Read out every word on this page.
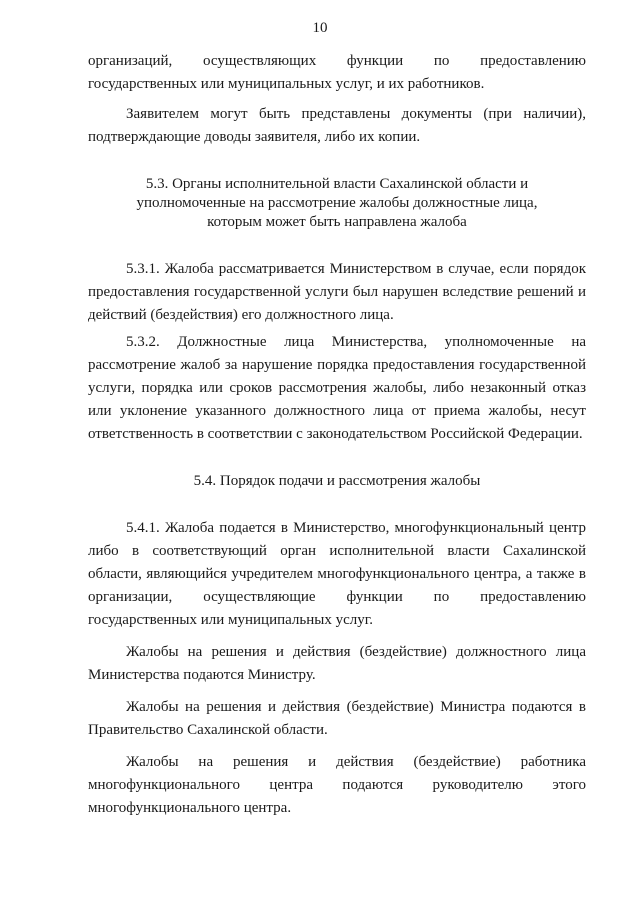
10

организаций, осуществляющих функции по предоставлению государственных или муниципальных услуг, и их работников.

Заявителем могут быть представлены документы (при наличии), подтверждающие доводы заявителя, либо их копии.

5.3. Органы исполнительной власти Сахалинской области и уполномоченные на рассмотрение жалобы должностные лица, которым может быть направлена жалоба

5.3.1. Жалоба рассматривается Министерством в случае, если порядок предоставления государственной услуги был нарушен вследствие решений и действий (бездействия) его должностного лица.

5.3.2. Должностные лица Министерства, уполномоченные на рассмотрение жалоб за нарушение порядка предоставления государственной услуги, порядка или сроков рассмотрения жалобы, либо незаконный отказ или уклонение указанного должностного лица от приема жалобы, несут ответственность в соответствии с законодательством Российской Федерации.

5.4. Порядок подачи и рассмотрения жалобы

5.4.1. Жалоба подается в Министерство, многофункциональный центр либо в соответствующий орган исполнительной власти Сахалинской области, являющийся учредителем многофункционального центра, а также в организации, осуществляющие функции по предоставлению государственных или муниципальных услуг.

Жалобы на решения и действия (бездействие) должностного лица Министерства подаются Министру.

Жалобы на решения и действия (бездействие) Министра подаются в Правительство Сахалинской области.

Жалобы на решения и действия (бездействие) работника многофункционального центра подаются руководителю этого многофункционального центра.
